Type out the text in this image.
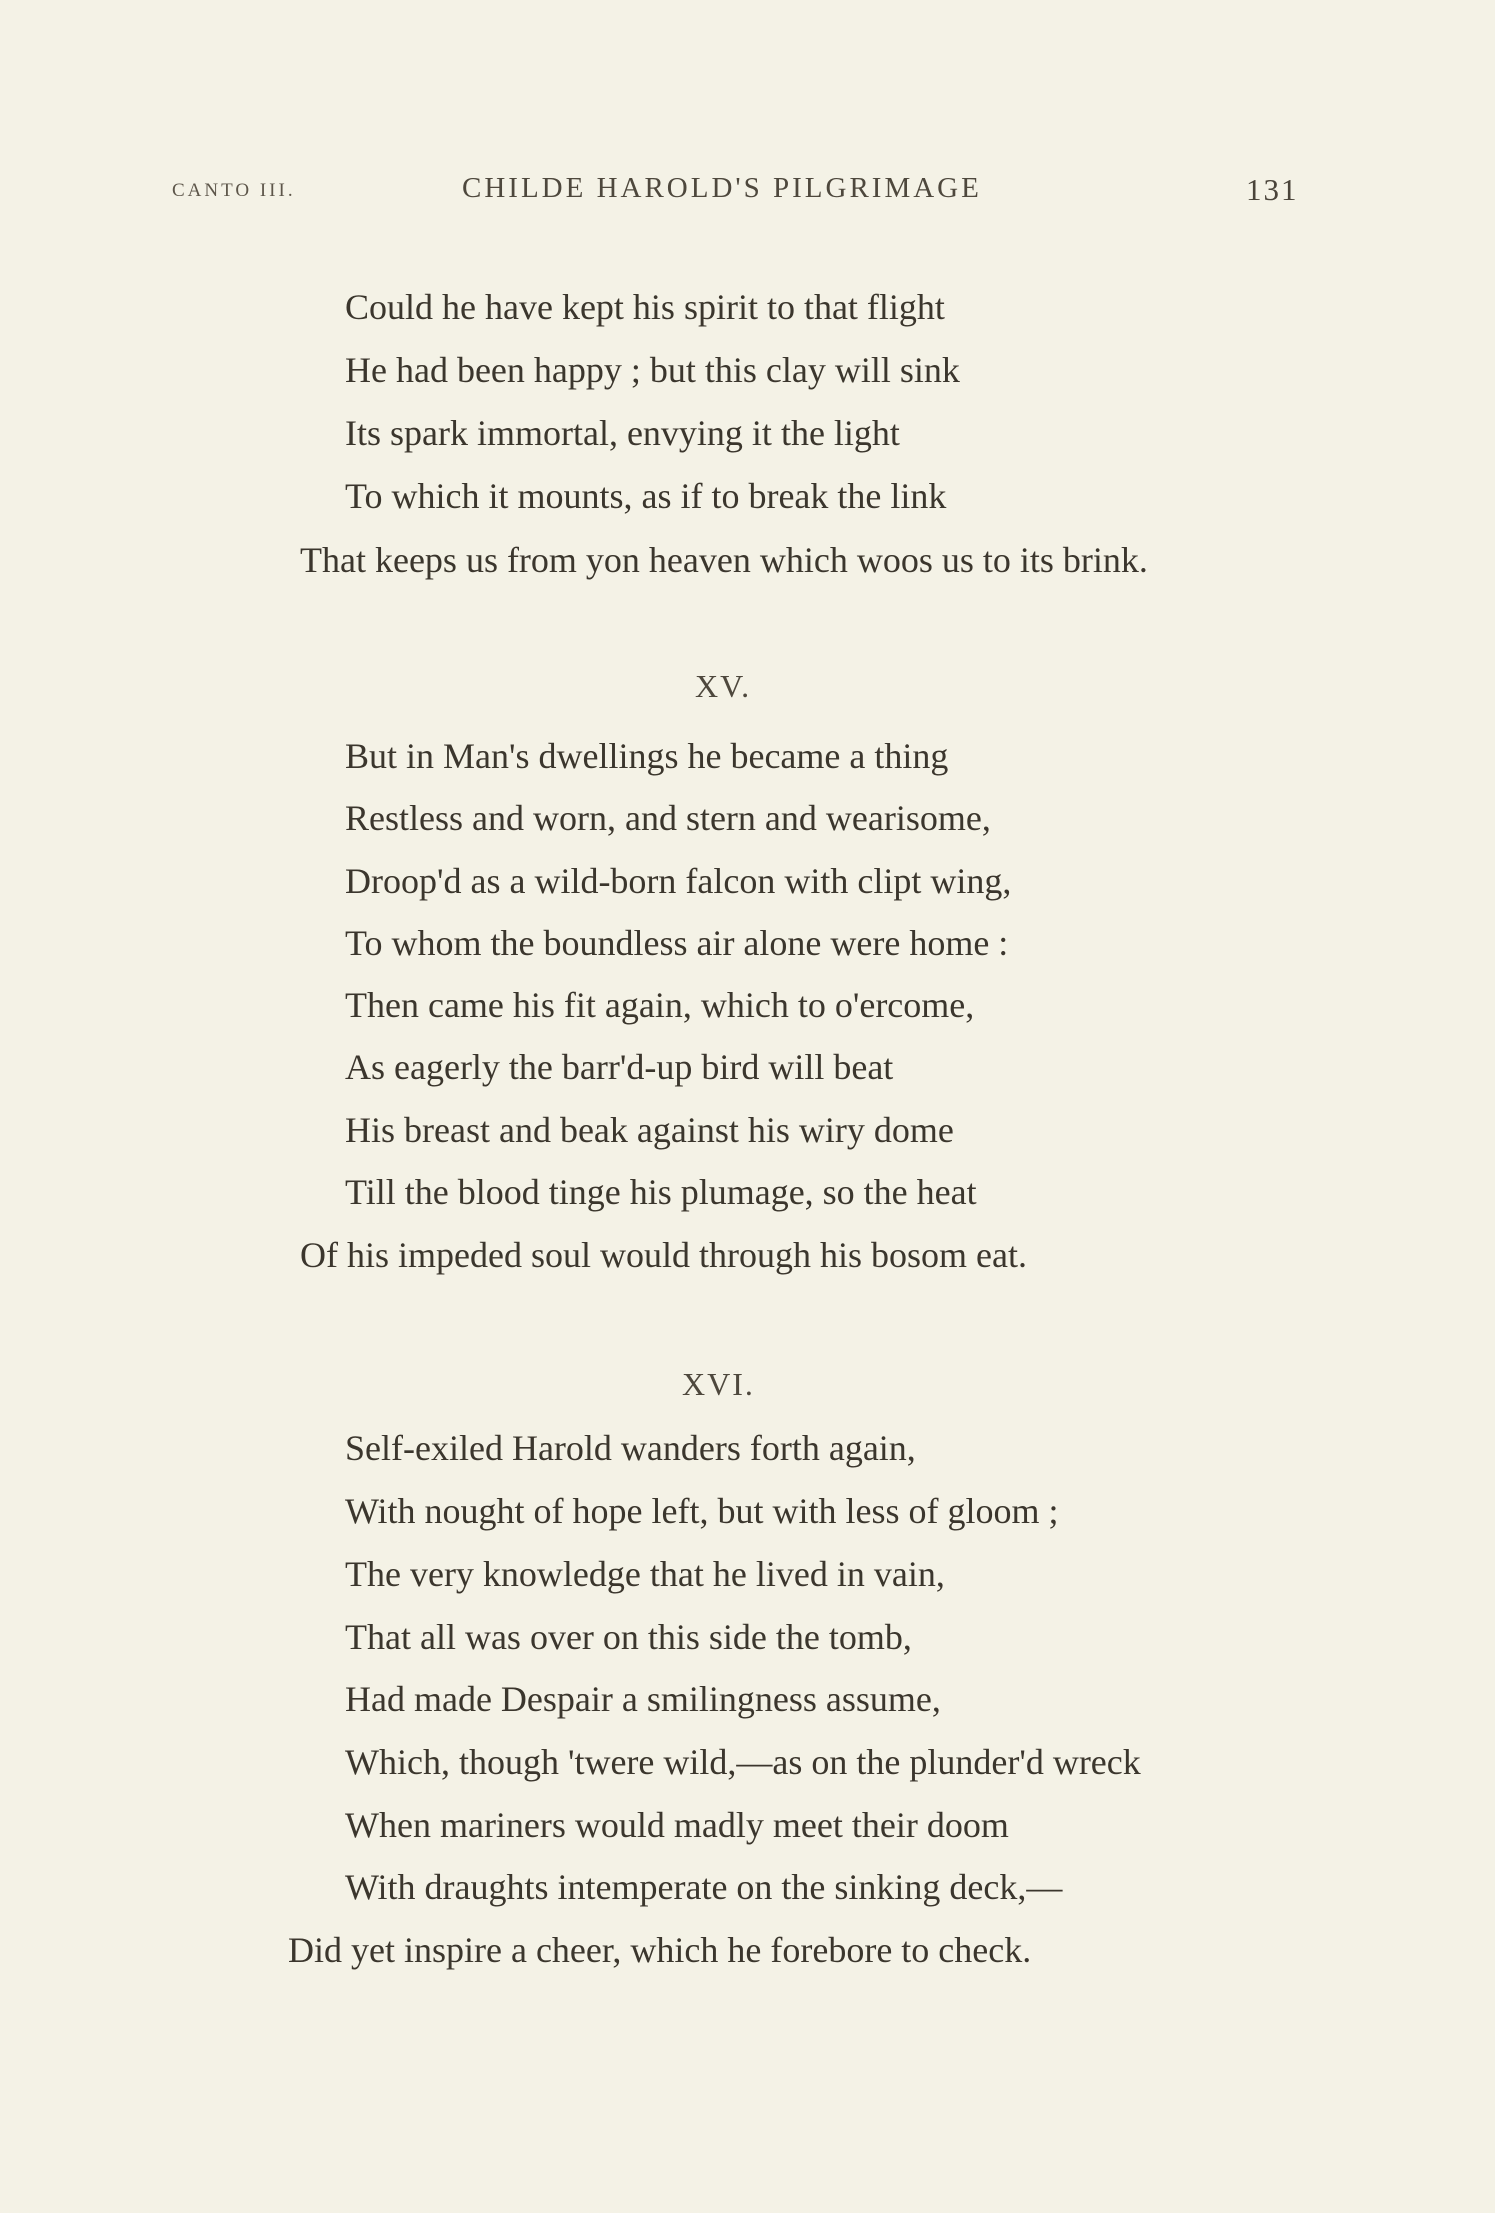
CANTO III.	CHILDE HAROLD'S PILGRIMAGE	131
Could he have kept his spirit to that flight
He had been happy ; but this clay will sink
Its spark immortal, envying it the light
To which it mounts, as if to break the link
That keeps us from yon heaven which woos us to its brink.
XV.
But in Man's dwellings he became a thing
Restless and worn, and stern and wearisome,
Droop'd as a wild-born falcon with clipt wing,
To whom the boundless air alone were home :
Then came his fit again, which to o'ercome,
As eagerly the barr'd-up bird will beat
His breast and beak against his wiry dome
Till the blood tinge his plumage, so the heat
Of his impeded soul would through his bosom eat.
XVI.
Self-exiled Harold wanders forth again,
With nought of hope left, but with less of gloom ;
The very knowledge that he lived in vain,
That all was over on this side the tomb,
Had made Despair a smilingness assume,
Which, though 'twere wild,—as on the plunder'd wreck
When mariners would madly meet their doom
With draughts intemperate on the sinking deck,—
Did yet inspire a cheer, which he forebore to check.
